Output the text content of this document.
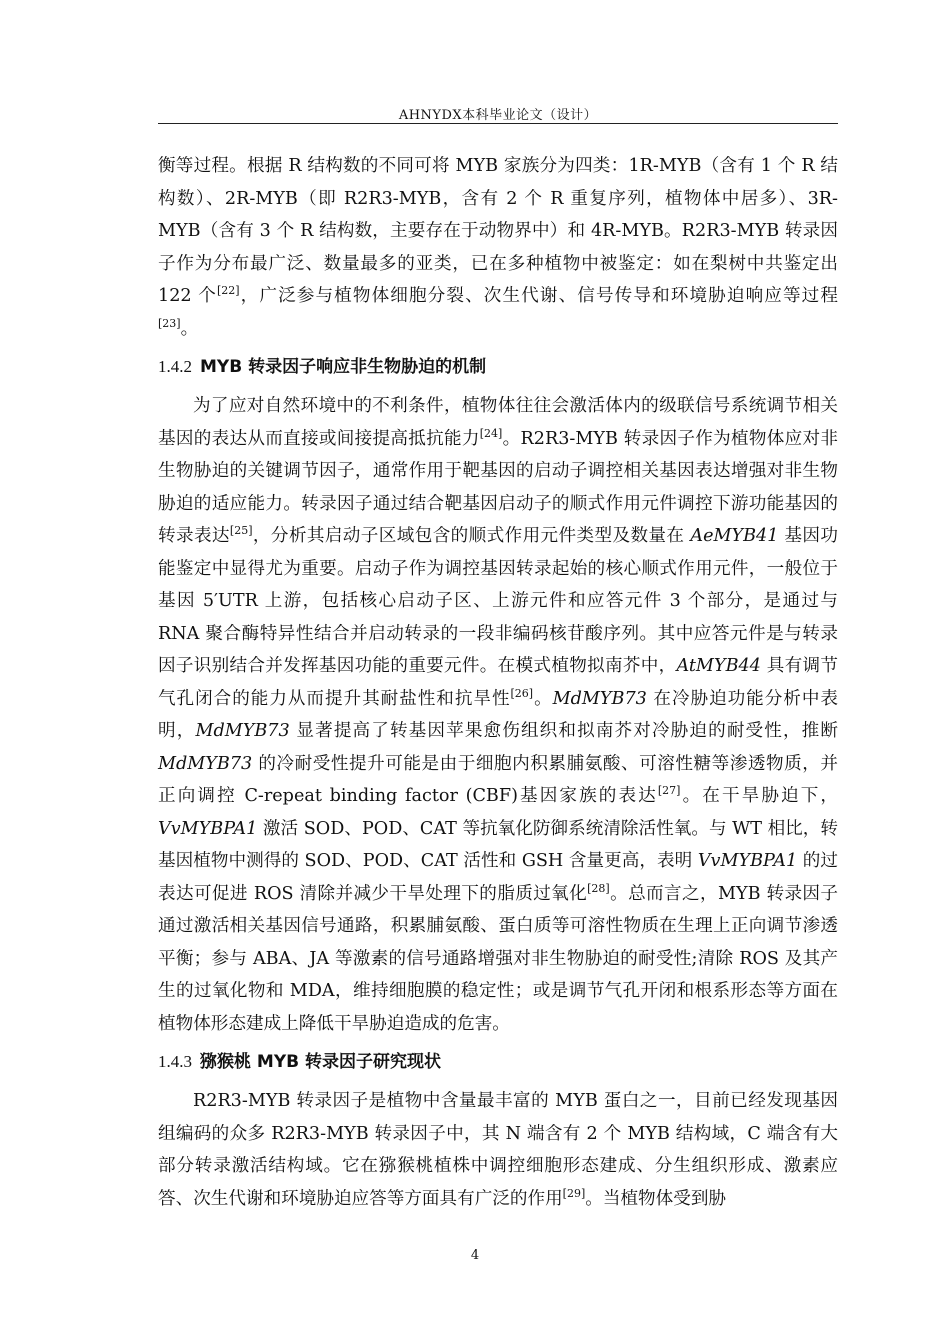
AHNYDX本科毕业论文（设计）

衡等过程。根据 R 结构数的不同可将 MYB 家族分为四类：1R-MYB（含有 1 个 R 结构数）、2R-MYB（即 R2R3-MYB，含有 2 个 R 重复序列，植物体中居多）、3R-MYB（含有 3 个 R 结构数，主要存在于动物界中）和 4R-MYB。R2R3-MYB 转录因子作为分布最广泛、数量最多的亚类，已在多种植物中被鉴定：如在梨树中共鉴定出 122 个[22]，广泛参与植物体细胞分裂、次生代谢、信号传导和环境胁迫响应等过程[23]。

1.4.2 MYB 转录因子响应非生物胁迫的机制

为了应对自然环境中的不利条件，植物体往往会激活体内的级联信号系统调节相关基因的表达从而直接或间接提高抵抗能力[24]。R2R3-MYB 转录因子作为植物体应对非生物胁迫的关键调节因子，通常作用于靶基因的启动子调控相关基因表达增强对非生物胁迫的适应能力。转录因子通过结合靶基因启动子的顺式作用元件调控下游功能基因的转录表达[25]，分析其启动子区域包含的顺式作用元件类型及数量在 AeMYB41 基因功能鉴定中显得尤为重要。启动子作为调控基因转录起始的核心顺式作用元件，一般位于基因 5′UTR 上游，包括核心启动子区、上游元件和应答元件 3 个部分，是通过与 RNA 聚合酶特异性结合并启动转录的一段非编码核苷酸序列。其中应答元件是与转录因子识别结合并发挥基因功能的重要元件。在模式植物拟南芥中，AtMYB44 具有调节气孔闭合的能力从而提升其耐盐性和抗旱性[26]。MdMYB73 在冷胁迫功能分析中表明，MdMYB73 显著提高了转基因苹果愈伤组织和拟南芥对冷胁迫的耐受性，推断 MdMYB73 的冷耐受性提升可能是由于细胞内积累脯氨酸、可溶性糖等渗透物质，并正向调控 C-repeat binding factor (CBF)基因家族的表达[27]。在干旱胁迫下，VvMYBPA1 激活 SOD、POD、CAT 等抗氧化防御系统清除活性氧。与 WT 相比，转基因植物中测得的 SOD、POD、CAT 活性和 GSH 含量更高，表明 VvMYBPA1 的过表达可促进 ROS 清除并减少干旱处理下的脂质过氧化[28]。总而言之，MYB 转录因子通过激活相关基因信号通路，积累脯氨酸、蛋白质等可溶性物质在生理上正向调节渗透平衡；参与 ABA、JA 等激素的信号通路增强对非生物胁迫的耐受性;清除 ROS 及其产生的过氧化物和 MDA，维持细胞膜的稳定性；或是调节气孔开闭和根系形态等方面在植物体形态建成上降低干旱胁迫造成的危害。

1.4.3 猕猴桃 MYB 转录因子研究现状

R2R3-MYB 转录因子是植物中含量最丰富的 MYB 蛋白之一，目前已经发现基因组编码的众多 R2R3-MYB 转录因子中，其 N 端含有 2 个 MYB 结构域，C 端含有大部分转录激活结构域。它在猕猴桃植株中调控细胞形态建成、分生组织形成、激素应答、次生代谢和环境胁迫应答等方面具有广泛的作用[29]。当植物体受到胁

4
